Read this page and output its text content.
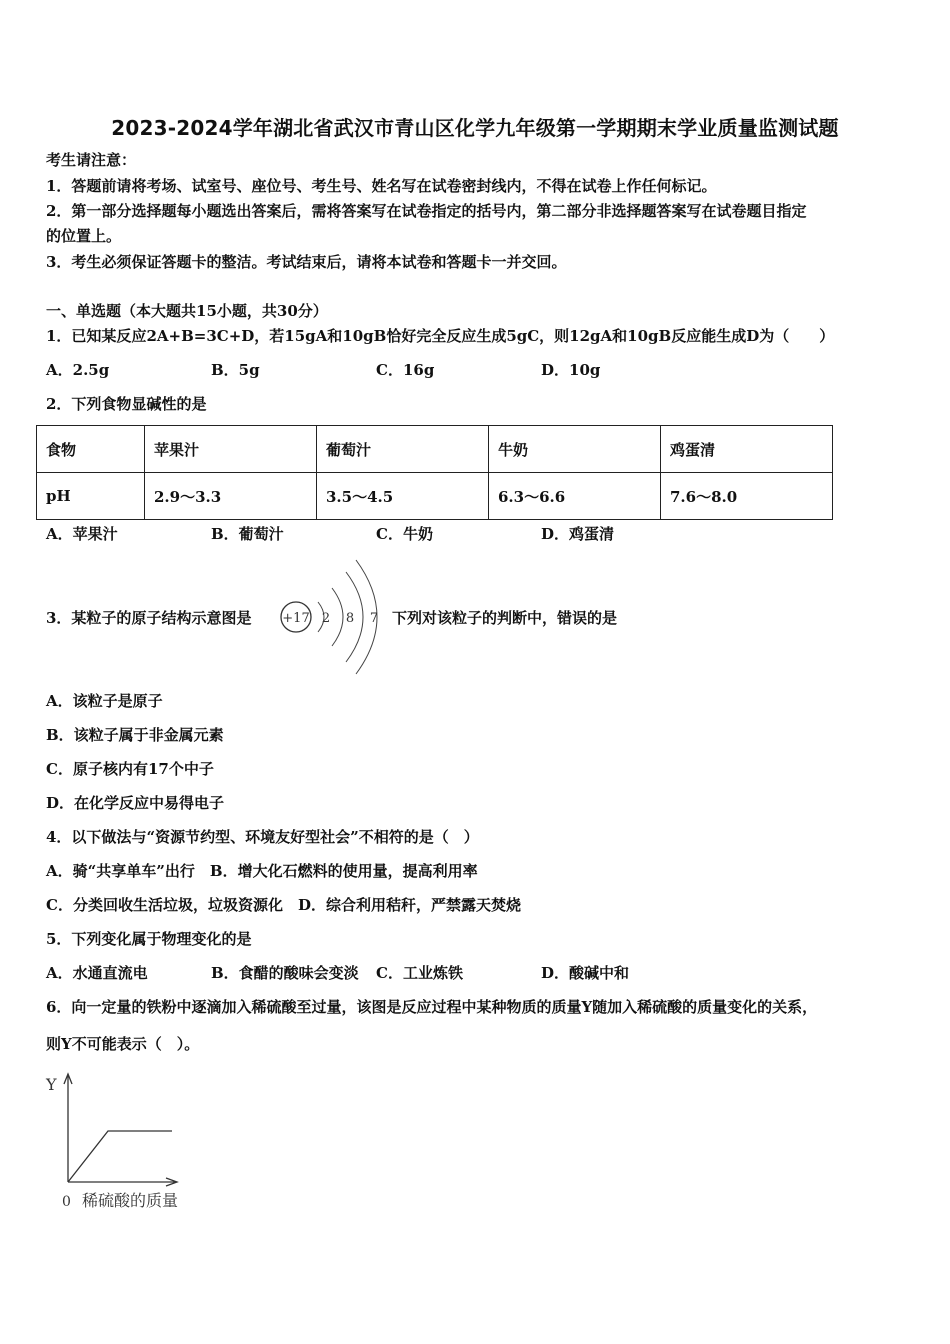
2023-2024学年湖北省武汉市青山区化学九年级第一学期期末学业质量监测试题
考生请注意：
1．答题前请将考场、试室号、座位号、考生号、姓名写在试卷密封线内，不得在试卷上作任何标记。
2．第一部分选择题每小题选出答案后，需将答案写在试卷指定的括号内，第二部分非选择题答案写在试卷题目指定
的位置上。
3．考生必须保证答题卡的整洁。考试结束后，请将本试卷和答题卡一并交回。
一、单选题（本大题共15小题，共30分）
1．已知某反应2A+B=3C+D，若15gA和10gB恰好完全反应生成5gC，则12gA和10gB反应能生成D为（　　）
A．2.5g	B．5g	C．16g	D．10g
2．下列食物显碱性的是
食物	苹果汁	葡萄汁	牛奶	鸡蛋清
pH	2.9～3.3	3.5～4.5	6.3～6.6	7.6～8.0
A．苹果汁	B．葡萄汁	C．牛奶	D．鸡蛋清
3．某粒子的原子结构示意图是 +17 2 8 7 下列对该粒子的判断中，错误的是
A．该粒子是原子
B．该粒子属于非金属元素
C．原子核内有17个中子
D．在化学反应中易得电子
4．以下做法与“资源节约型、环境友好型社会”不相符的是（　）
A．骑“共享单车”出行　B．增大化石燃料的使用量，提高利用率
C．分类回收生活垃圾，垃圾资源化　D．综合利用秸秆，严禁露天焚烧
5．下列变化属于物理变化的是
A．水通直流电	B．食醋的酸味会变淡 C．工业炼铁	D．酸碱中和
6．向一定量的铁粉中逐滴加入稀硫酸至过量，该图是反应过程中某种物质的质量Y随加入稀硫酸的质量变化的关系，
则Y不可能表示（　）。
Y
0 稀硫酸的质量
